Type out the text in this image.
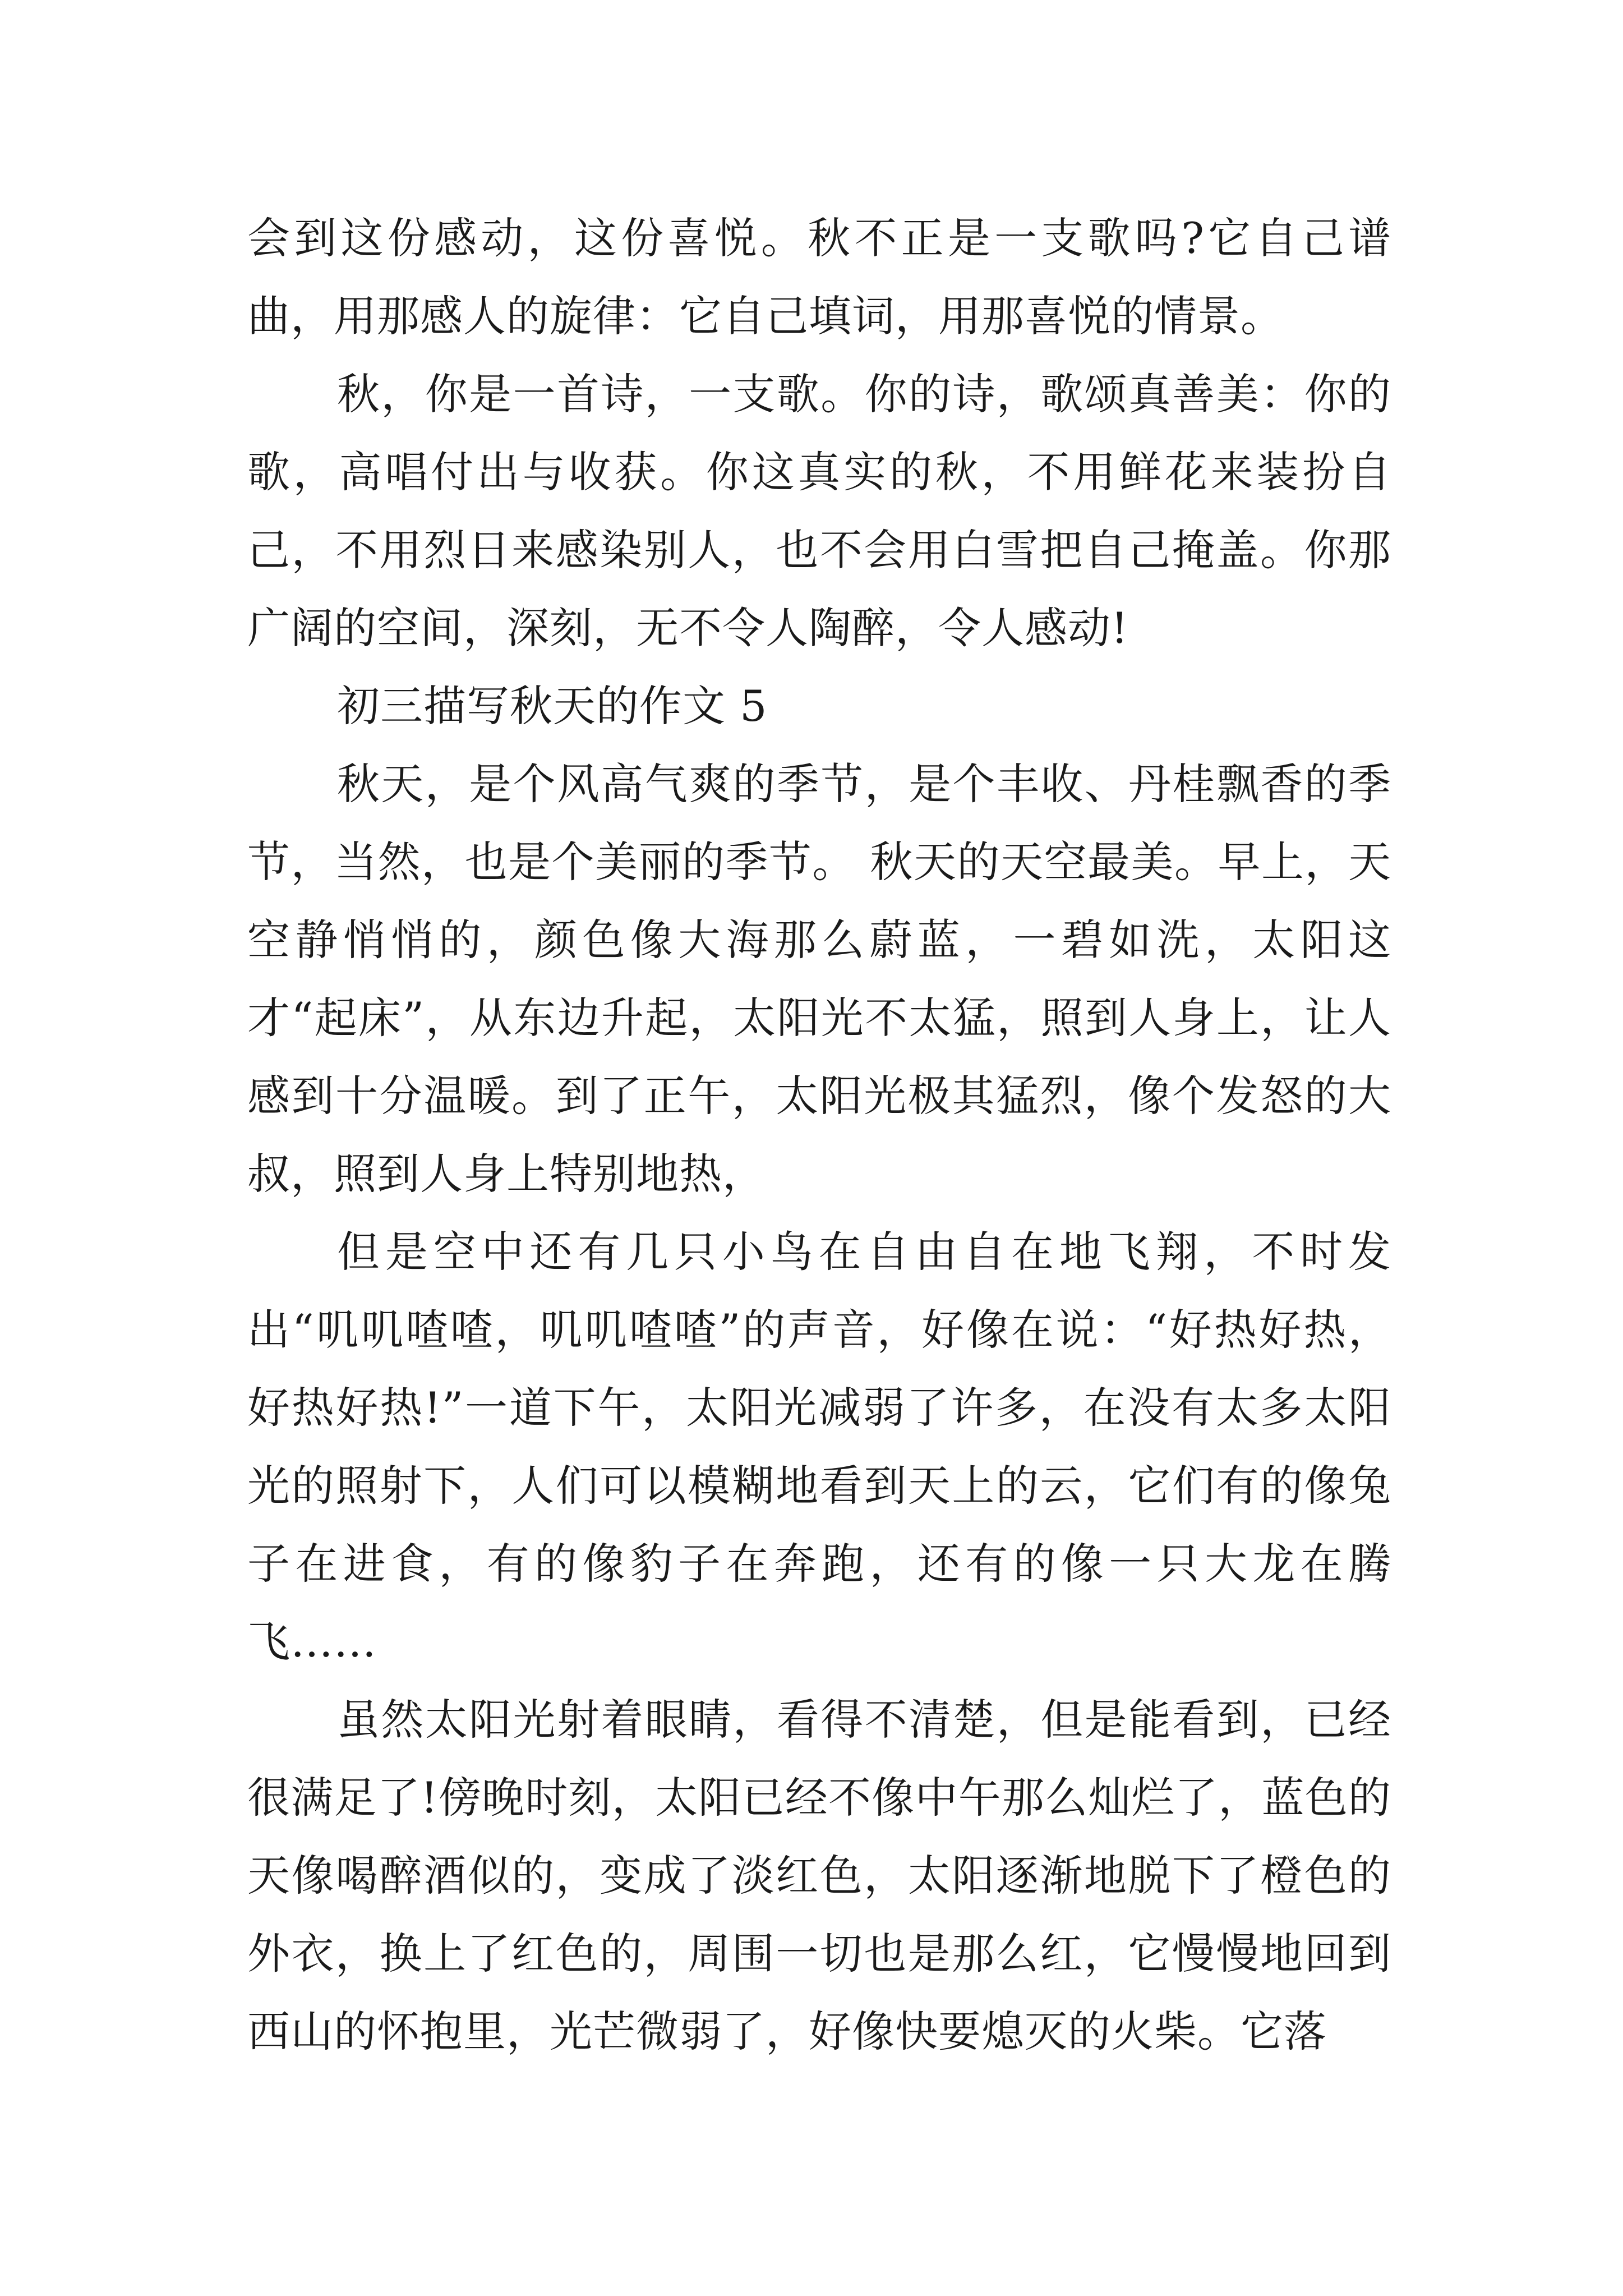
会到这份感动，这份喜悦。秋不正是一支歌吗?它自己谱曲，用那感人的旋律：它自己填词，用那喜悦的情景。

秋，你是一首诗，一支歌。你的诗，歌颂真善美：你的歌，高唱付出与收获。你这真实的秋，不用鲜花来装扮自己，不用烈日来感染别人，也不会用白雪把自己掩盖。你那广阔的空间，深刻，无不令人陶醉，令人感动!

初三描写秋天的作文 5

秋天，是个风高气爽的季节，是个丰收、丹桂飘香的季节，当然，也是个美丽的季节。 秋天的天空最美。早上，天空静悄悄的，颜色像大海那么蔚蓝，一碧如洗，太阳这才“起床”，从东边升起，太阳光不太猛，照到人身上，让人感到十分温暖。到了正午，太阳光极其猛烈，像个发怒的大叔，照到人身上特别地热，

但是空中还有几只小鸟在自由自在地飞翔，不时发出“叽叽喳喳，叽叽喳喳”的声音，好像在说：“好热好热，好热好热!”一道下午，太阳光减弱了许多，在没有太多太阳光的照射下，人们可以模糊地看到天上的云，它们有的像兔子在进食，有的像豹子在奔跑，还有的像一只大龙在腾飞……

虽然太阳光射着眼睛，看得不清楚，但是能看到，已经很满足了!傍晚时刻，太阳已经不像中午那么灿烂了，蓝色的天像喝醉酒似的，变成了淡红色，太阳逐渐地脱下了橙色的外衣，换上了红色的，周围一切也是那么红，它慢慢地回到西山的怀抱里，光芒微弱了，好像快要熄灭的火柴。它落
